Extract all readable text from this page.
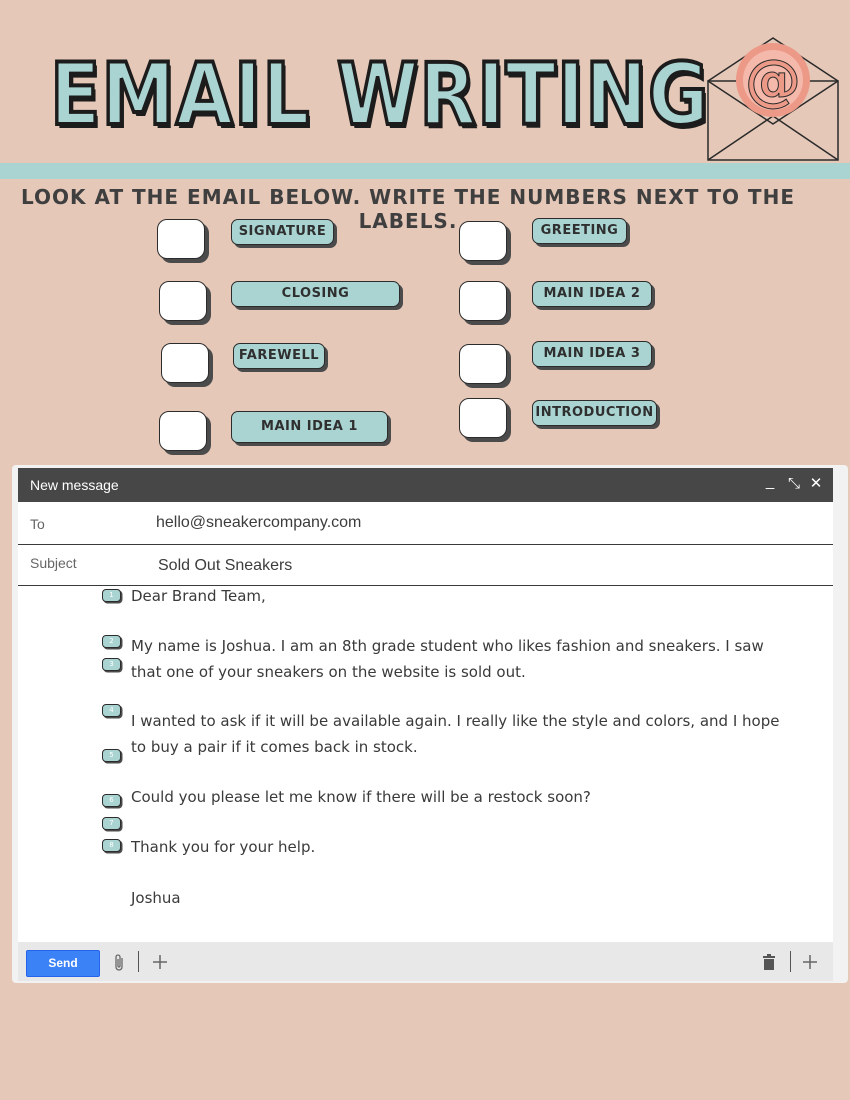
EMAIL WRITING @

LOOK AT THE EMAIL BELOW. WRITE THE NUMBERS NEXT TO THE LABELS.

SIGNATURE
CLOSING
FAREWELL
MAIN IDEA 1
GREETING
MAIN IDEA 2
MAIN IDEA 3
INTRODUCTION
New message	_ ⤡ ✕
To	hello@sneakercompany.com
Subject	Sold Out Sneakers
1
2
3
4
5
6
7
8

Dear Brand Team,

My name is Joshua. I am an 8th grade student who likes fashion and sneakers. I saw that one of your sneakers on the website is sold out.

I wanted to ask if it will be available again. I really like the style and colors, and I hope to buy a pair if it comes back in stock.

Could you please let me know if there will be a restock soon?

Thank you for your help.

Joshua

Send
